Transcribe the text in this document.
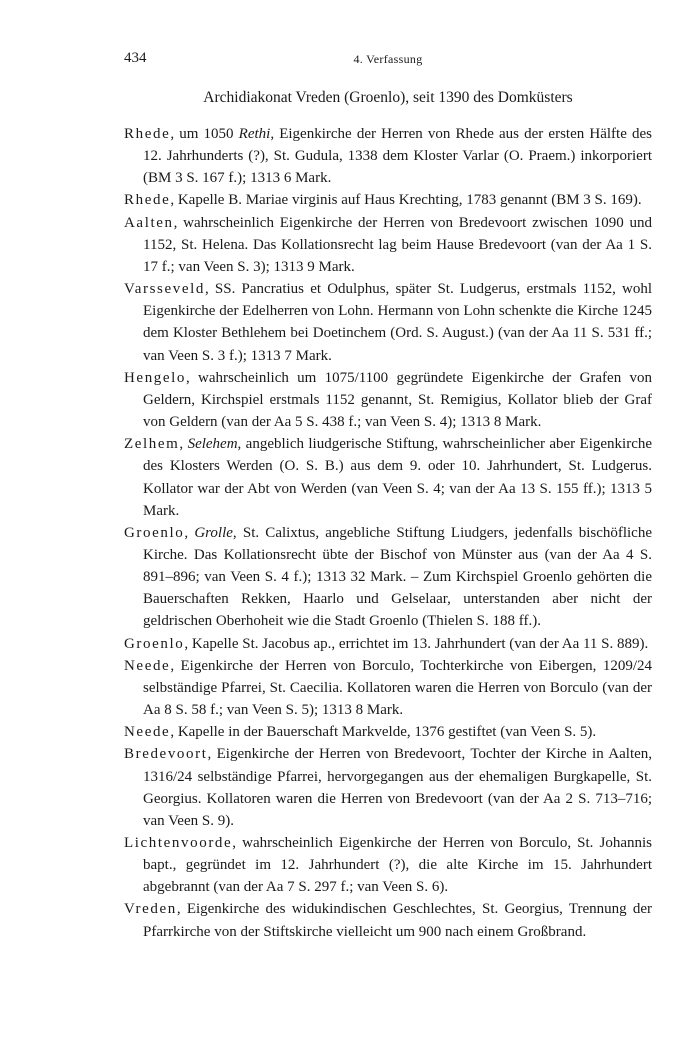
434	4. Verfassung
Archidiakonat Vreden (Groenlo), seit 1390 des Domküsters

Rhede, um 1050 Rethi, Eigenkirche der Herren von Rhede aus der ersten Hälfte des 12. Jahrhunderts (?), St. Gudula, 1338 dem Kloster Varlar (O. Praem.) inkorporiert (BM 3 S. 167 f.); 1313 6 Mark.

Rhede, Kapelle B. Mariae virginis auf Haus Krechting, 1783 genannt (BM 3 S. 169).

Aalten, wahrscheinlich Eigenkirche der Herren von Bredevoort zwischen 1090 und 1152, St. Helena. Das Kollationsrecht lag beim Hause Bredevoort (van der Aa 1 S. 17 f.; van Veen S. 3); 1313 9 Mark.

Varsseveld, SS. Pancratius et Odulphus, später St. Ludgerus, erstmals 1152, wohl Eigenkirche der Edelherren von Lohn. Hermann von Lohn schenkte die Kirche 1245 dem Kloster Bethlehem bei Doetinchem (Ord. S. August.) (van der Aa 11 S. 531 ff.; van Veen S. 3 f.); 1313 7 Mark.

Hengelo, wahrscheinlich um 1075/1100 gegründete Eigenkirche der Grafen von Geldern, Kirchspiel erstmals 1152 genannt, St. Remigius, Kollator blieb der Graf von Geldern (van der Aa 5 S. 438 f.; van Veen S. 4); 1313 8 Mark.

Zelhem, Selehem, angeblich liudgerische Stiftung, wahrscheinlicher aber Eigenkirche des Klosters Werden (O. S. B.) aus dem 9. oder 10. Jahrhundert, St. Ludgerus. Kollator war der Abt von Werden (van Veen S. 4; van der Aa 13 S. 155 ff.); 1313 5 Mark.

Groenlo, Grolle, St. Calixtus, angebliche Stiftung Liudgers, jedenfalls bischöfliche Kirche. Das Kollationsrecht übte der Bischof von Münster aus (van der Aa 4 S. 891–896; van Veen S. 4 f.); 1313 32 Mark. – Zum Kirchspiel Groenlo gehörten die Bauerschaften Rekken, Haarlo und Gelselaar, unterstanden aber nicht der geldrischen Oberhoheit wie die Stadt Groenlo (Thielen S. 188 ff.).

Groenlo, Kapelle St. Jacobus ap., errichtet im 13. Jahrhundert (van der Aa 11 S. 889).

Neede, Eigenkirche der Herren von Borculo, Tochterkirche von Eibergen, 1209/24 selbständige Pfarrei, St. Caecilia. Kollatoren waren die Herren von Borculo (van der Aa 8 S. 58 f.; van Veen S. 5); 1313 8 Mark.

Neede, Kapelle in der Bauerschaft Markvelde, 1376 gestiftet (van Veen S. 5).

Bredevoort, Eigenkirche der Herren von Bredevoort, Tochter der Kirche in Aalten, 1316/24 selbständige Pfarrei, hervorgegangen aus der ehemaligen Burgkapelle, St. Georgius. Kollatoren waren die Herren von Bredevoort (van der Aa 2 S. 713–716; van Veen S. 9).

Lichtenvoorde, wahrscheinlich Eigenkirche der Herren von Borculo, St. Johannis bapt., gegründet im 12. Jahrhundert (?), die alte Kirche im 15. Jahrhundert abgebrannt (van der Aa 7 S. 297 f.; van Veen S. 6).

Vreden, Eigenkirche des widukindischen Geschlechtes, St. Georgius, Trennung der Pfarrkirche von der Stiftskirche vielleicht um 900 nach einem Großbrand.
